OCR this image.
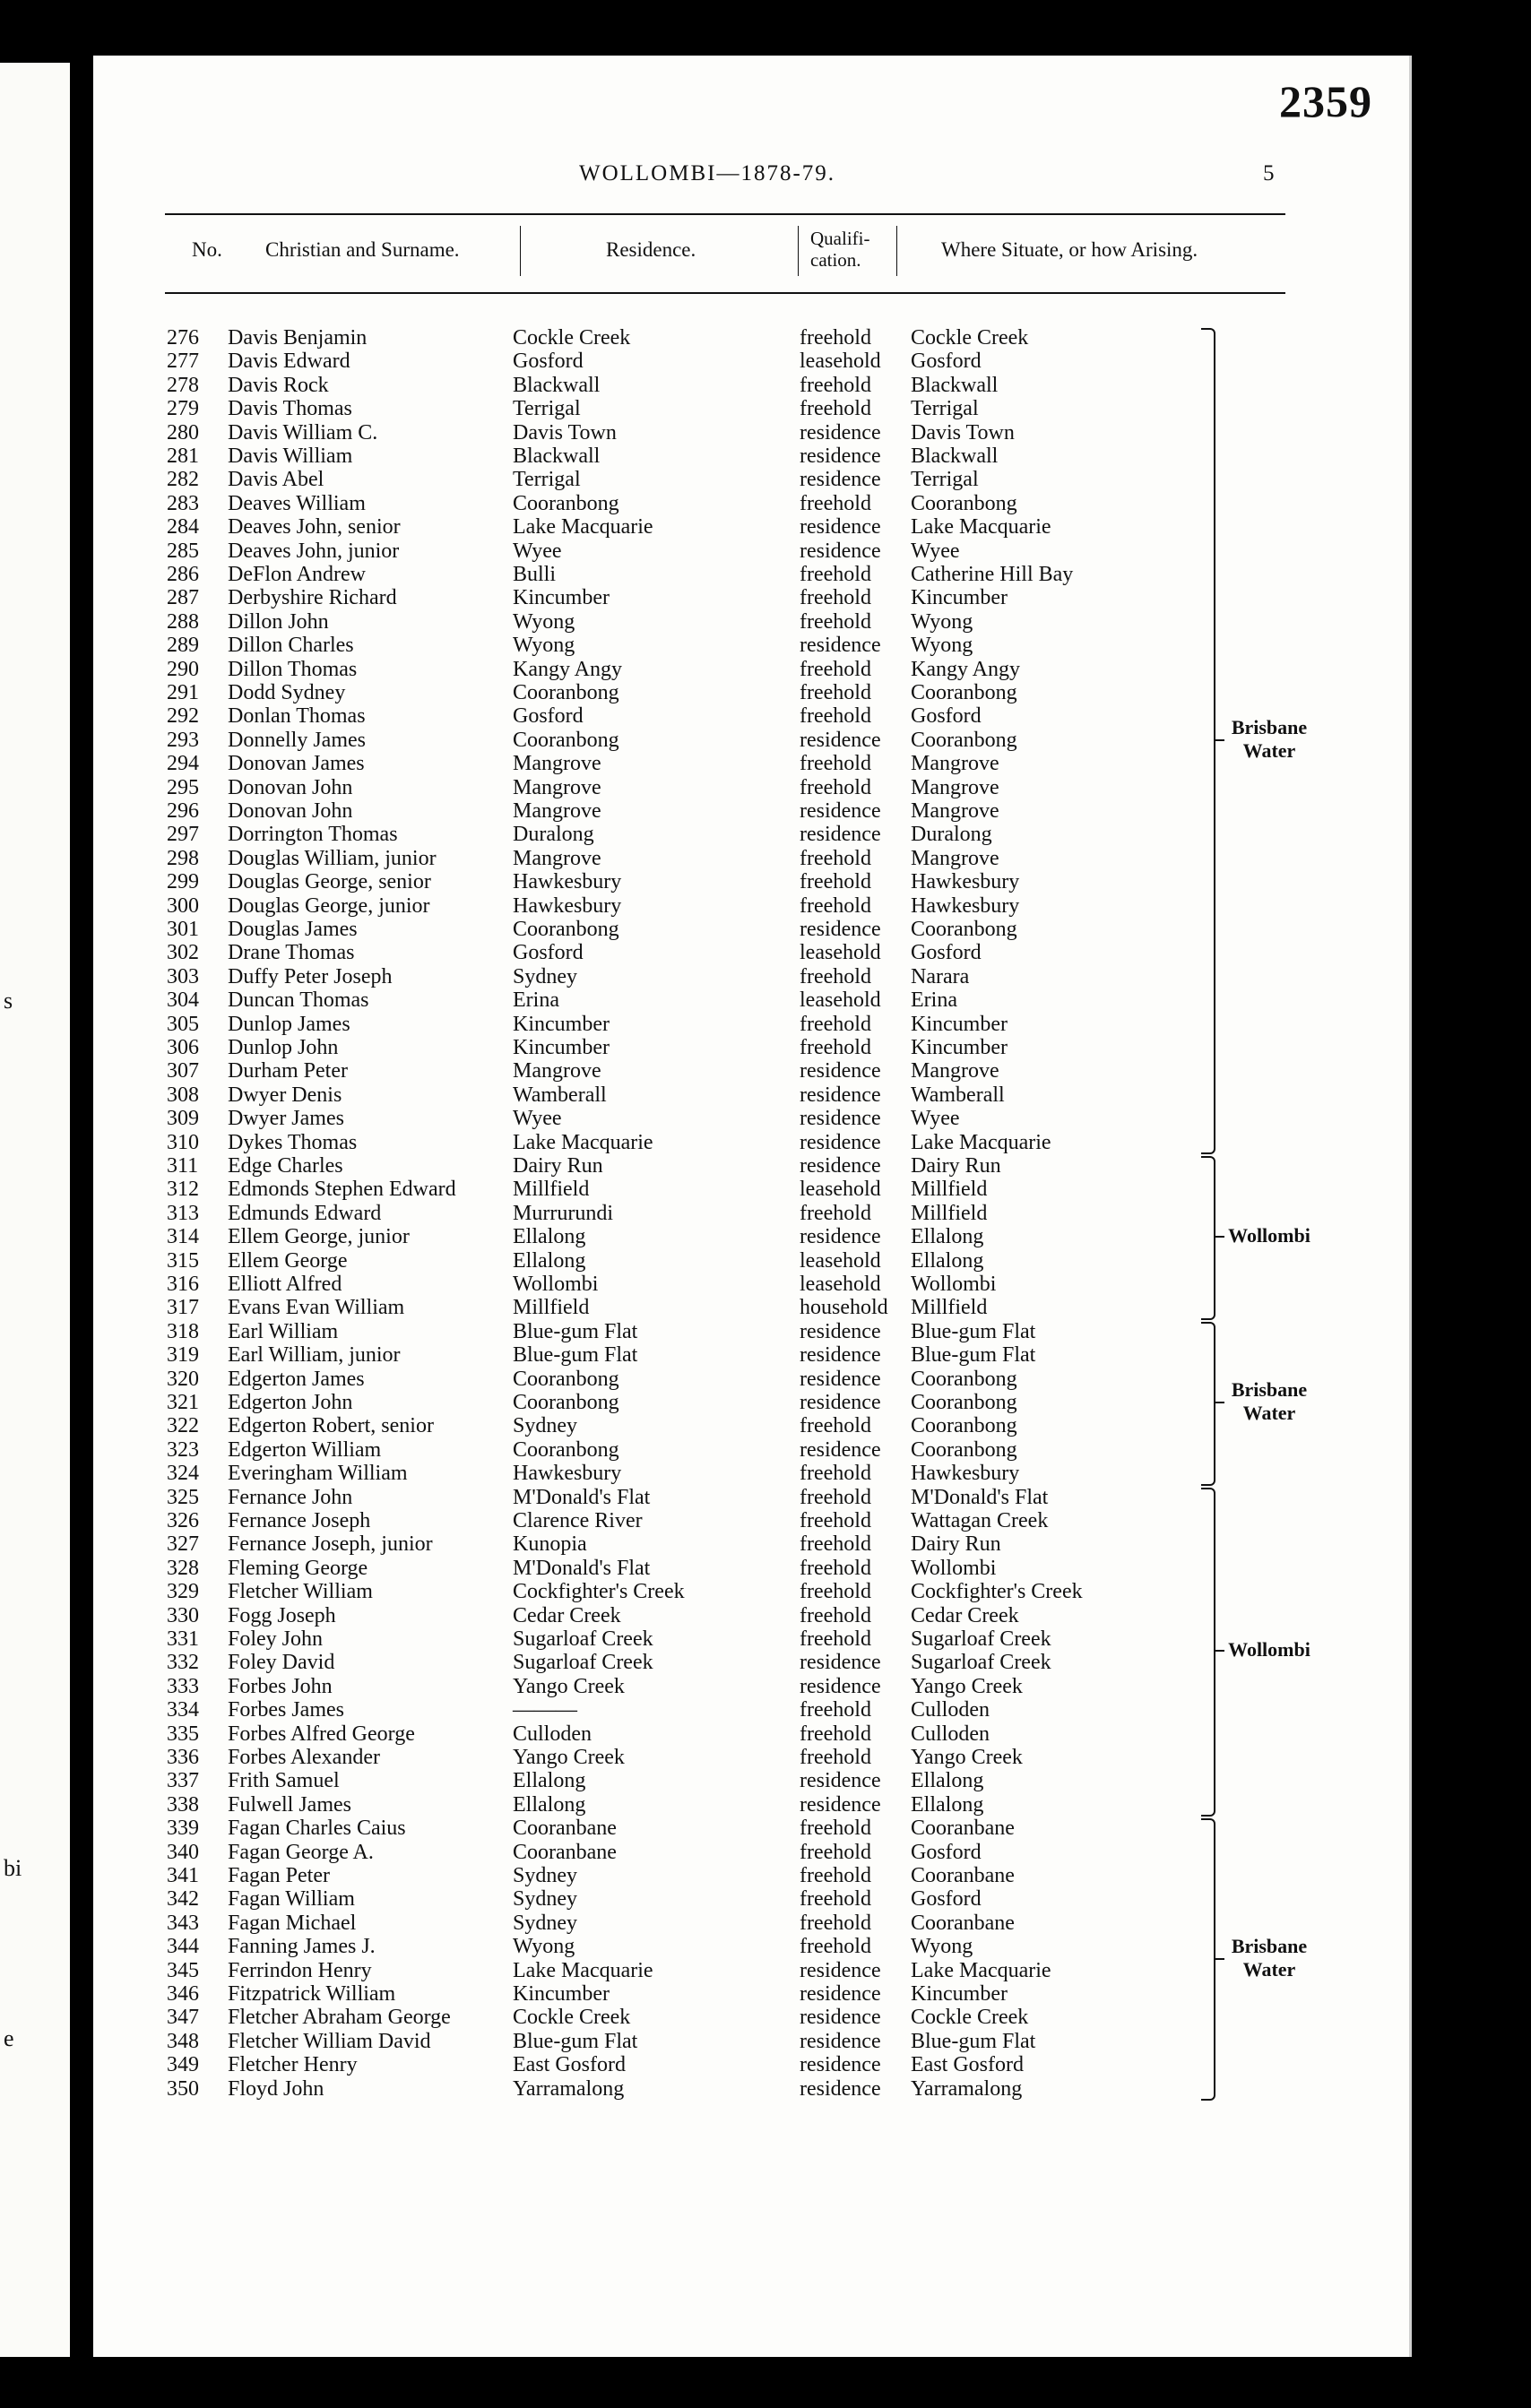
s
bi
e
2359
WOLLOMBI—1878-79.	5
No. Christian and Surname.	Residence.	Qualifi-
cation.	Where Situate, or how Arising.
276	Davis Benjamin	Cockle Creek	freehold Cockle Creek
277	Davis Edward	Gosford	leasehold Gosford
278	Davis Rock	Blackwall	freehold Blackwall
279	Davis Thomas	Terrigal	freehold Terrigal
280	Davis William C.	Davis Town	residence Davis Town
281	Davis William	Blackwall	residence Blackwall
282	Davis Abel	Terrigal	residence Terrigal
283	Deaves William	Cooranbong	freehold Cooranbong
284	Deaves John, senior	Lake Macquarie	residence Lake Macquarie
285	Deaves John, junior	Wyee	residence Wyee
286	DeFlon Andrew	Bulli	freehold Catherine Hill Bay
287	Derbyshire Richard	Kincumber	freehold Kincumber
288	Dillon John	Wyong	freehold Wyong
289	Dillon Charles	Wyong	residence Wyong
290	Dillon Thomas	Kangy Angy	freehold Kangy Angy
291	Dodd Sydney	Cooranbong	freehold Cooranbong
292	Donlan Thomas	Gosford	freehold Gosford
293	Donnelly James	Cooranbong	residence Cooranbong
294	Donovan James	Mangrove	freehold Mangrove
295	Donovan John	Mangrove	freehold Mangrove
296	Donovan John	Mangrove	residence Mangrove
297	Dorrington Thomas	Duralong	residence Duralong
298	Douglas William, junior	Mangrove	freehold Mangrove
299	Douglas George, senior	Hawkesbury	freehold Hawkesbury
300	Douglas George, junior	Hawkesbury	freehold Hawkesbury
301	Douglas James	Cooranbong	residence Cooranbong
302	Drane Thomas	Gosford	leasehold Gosford
303	Duffy Peter Joseph	Sydney	freehold Narara
304	Duncan Thomas	Erina	leasehold Erina
305	Dunlop James	Kincumber	freehold Kincumber
306	Dunlop John	Kincumber	freehold Kincumber
307	Durham Peter	Mangrove	residence Mangrove
308	Dwyer Denis	Wamberall	residence Wamberall
309	Dwyer James	Wyee	residence Wyee
310	Dykes Thomas	Lake Macquarie	residence Lake Macquarie
311	Edge Charles	Dairy Run	residence Dairy Run
312	Edmonds Stephen Edward	Millfield	leasehold Millfield
313	Edmunds Edward	Murrurundi	freehold Millfield
314	Ellem George, junior	Ellalong	residence Ellalong
315	Ellem George	Ellalong	leasehold Ellalong
316	Elliott Alfred	Wollombi	leasehold Wollombi
317	Evans Evan William	Millfield	household Millfield
318	Earl William	Blue-gum Flat	residence Blue-gum Flat
319	Earl William, junior	Blue-gum Flat	residence Blue-gum Flat
320	Edgerton James	Cooranbong	residence Cooranbong
321	Edgerton John	Cooranbong	residence Cooranbong
322	Edgerton Robert, senior	Sydney	freehold Cooranbong
323	Edgerton William	Cooranbong	residence Cooranbong
324	Everingham William	Hawkesbury	freehold Hawkesbury
325	Fernance John	M'Donald's Flat	freehold M'Donald's Flat
326	Fernance Joseph	Clarence River	freehold Wattagan Creek
327	Fernance Joseph, junior	Kunopia	freehold Dairy Run
328	Fleming George	M'Donald's Flat	freehold Wollombi
329	Fletcher William	Cockfighter's Creek	freehold Cockfighter's Creek
330	Fogg Joseph	Cedar Creek	freehold Cedar Creek
331	Foley John	Sugarloaf Creek	freehold Sugarloaf Creek
332	Foley David	Sugarloaf Creek	residence Sugarloaf Creek
333	Forbes John	Yango Creek	residence Yango Creek
334	Forbes James	———	freehold Culloden
335	Forbes Alfred George	Culloden	freehold Culloden
336	Forbes Alexander	Yango Creek	freehold Yango Creek
337	Frith Samuel	Ellalong	residence Ellalong
338	Fulwell James	Ellalong	residence Ellalong
339	Fagan Charles Caius	Cooranbane	freehold Cooranbane
340	Fagan George A.	Cooranbane	freehold Gosford
341	Fagan Peter	Sydney	freehold Cooranbane
342	Fagan William	Sydney	freehold Gosford
343	Fagan Michael	Sydney	freehold Cooranbane
344	Fanning James J.	Wyong	freehold Wyong
345	Ferrindon Henry	Lake Macquarie	residence Lake Macquarie
346	Fitzpatrick William	Kincumber	residence Kincumber
347	Fletcher Abraham George	Cockle Creek	residence Cockle Creek
348	Fletcher William David	Blue-gum Flat	residence Blue-gum Flat
349	Fletcher Henry	East Gosford	residence East Gosford
350	Floyd John	Yarramalong	residence Yarramalong
Brisbane
Water
Wollombi
Brisbane
Water
Wollombi
Brisbane
Water
